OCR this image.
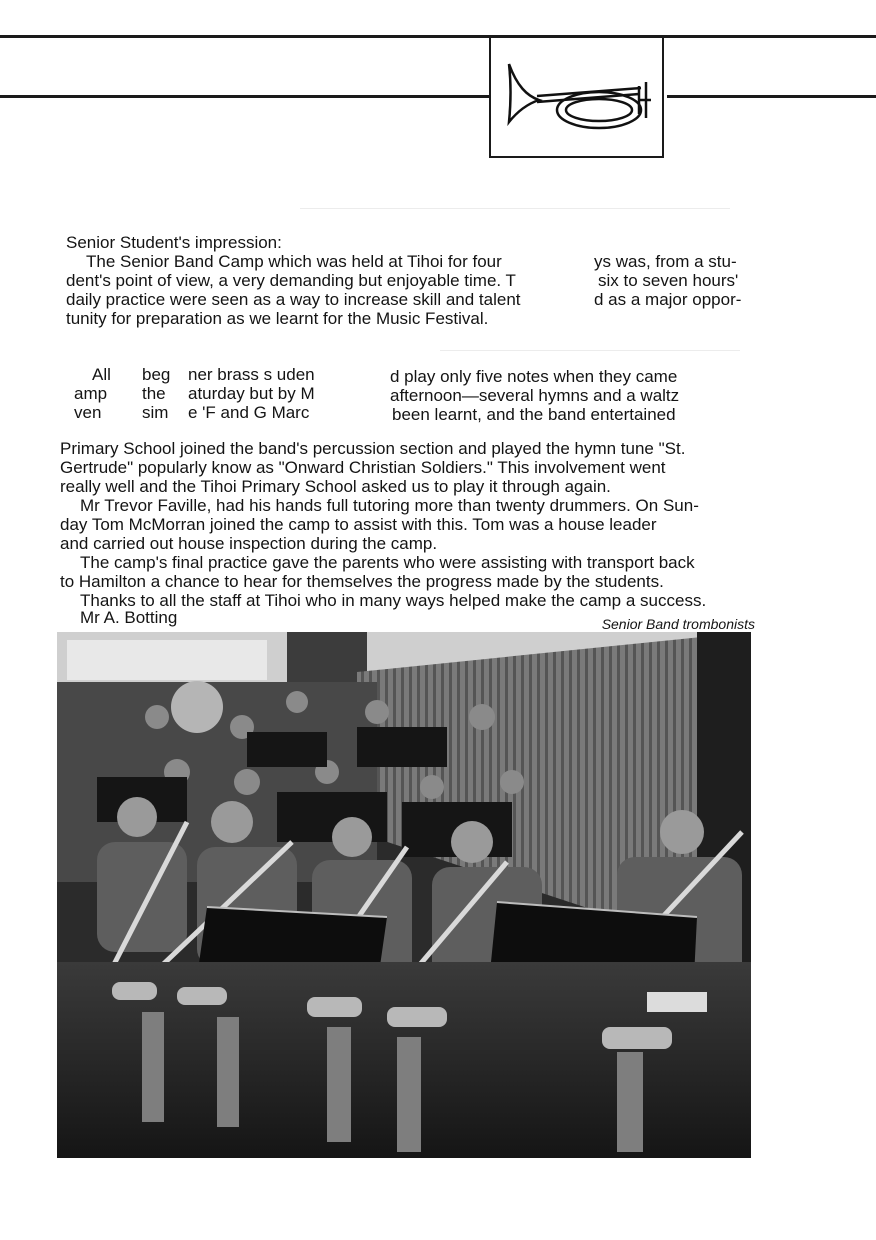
Senior Student's impression:
The Senior Band Camp which was held at Tihoi for four
dent's point of view, a very demanding but enjoyable time. T
daily practice were seen as a way to increase skill and talent
tunity for preparation as we learnt for the Music Festival.
ys was, from a stu-
six to seven hours'
d as a major oppor-
All
amp
ven
beg
the
sim
ner brass s uden
aturday but by M
e 'F and G Marc
d play only five notes when they came
afternoon—several hymns and a waltz
been learnt, and the band entertained
Primary School joined the band's percussion section and played the hymn tune "St.
Gertrude" popularly know as "Onward Christian Soldiers." This involvement went
really well and the Tihoi Primary School asked us to play it through again.
Mr Trevor Faville, had his hands full tutoring more than twenty drummers. On Sun-
day Tom McMorran joined the camp to assist with this. Tom was a house leader
and carried out house inspection during the camp.
The camp's final practice gave the parents who were assisting with transport back
to Hamilton a chance to hear for themselves the progress made by the students.
Thanks to all the staff at Tihoi who in many ways helped make the camp a success.
Mr A. Botting	Senior Band trombonists
